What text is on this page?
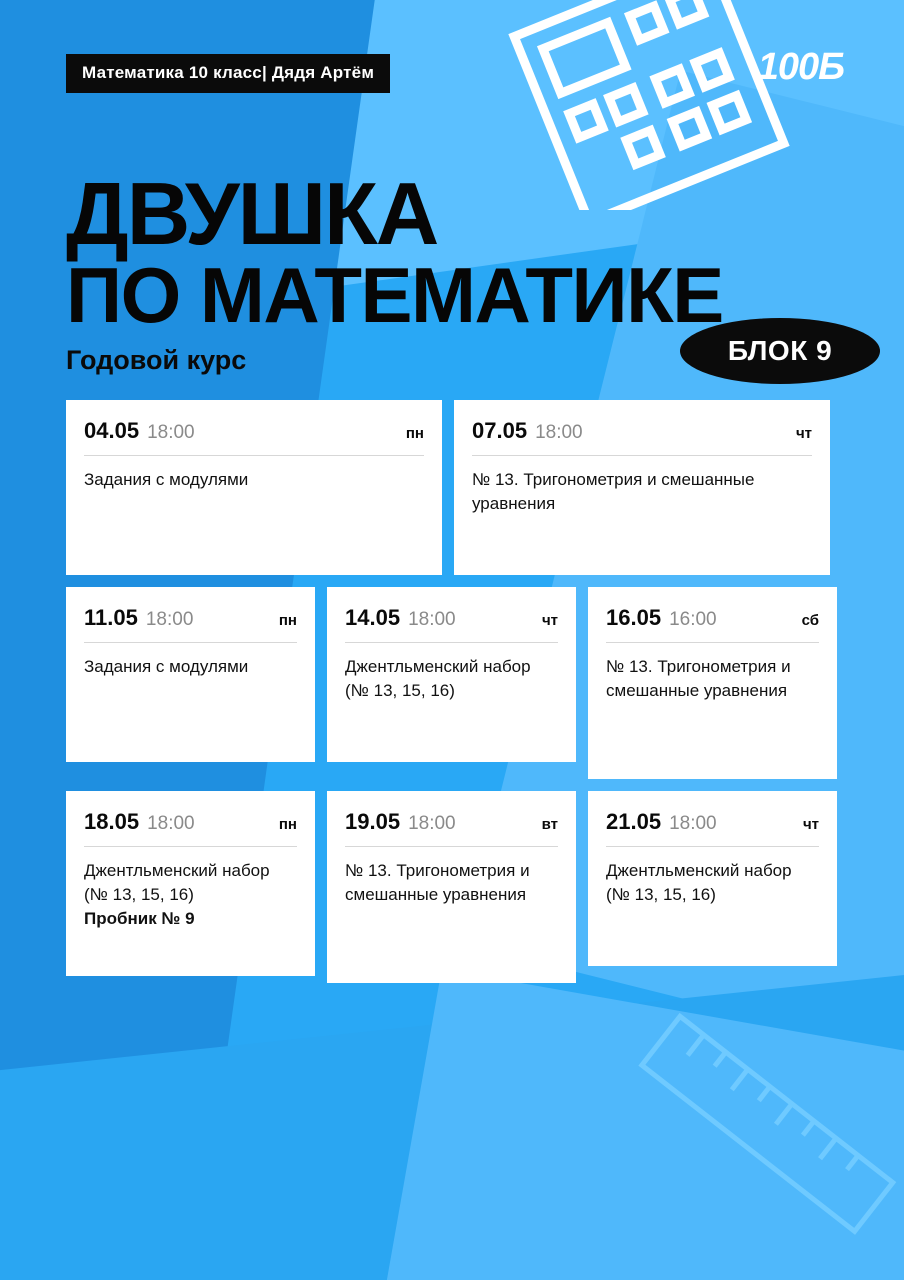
Математика 10 класс| Дядя Артём	100Б
ДВУШКА
ПО МАТЕМАТИКЕ
Годовой курс	БЛОК 9
04.05 18:00	пн
Задания с модулями
07.05 18:00	чт
№ 13. Тригонометрия и смешанные уравнения
11.05 18:00	пн
Задания с модулями
14.05 18:00	чт
Джентльменский набор (№ 13, 15, 16)
16.05 16:00	сб
№ 13. Тригонометрия и смешанные уравнения
18.05 18:00	пн
Джентльменский набор (№ 13, 15, 16)
Пробник № 9
19.05 18:00	вт
№ 13. Тригонометрия и смешанные уравнения
21.05 18:00	чт
Джентльменский набор (№ 13, 15, 16)
